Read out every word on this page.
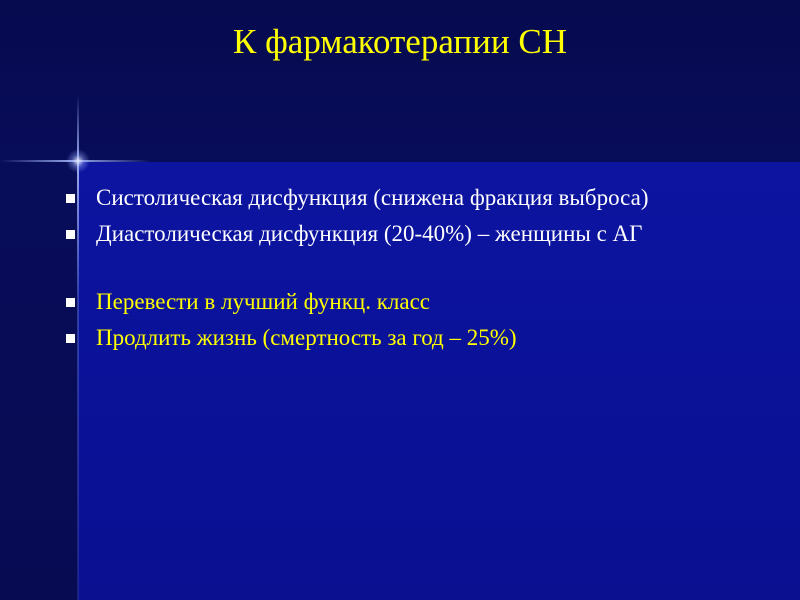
К фармакотерапии СН
Систолическая дисфункция (снижена фракция выброса)
Диастолическая дисфункция (20-40%) – женщины с АГ
Перевести в лучший функц. класс
Продлить жизнь (смертность за год – 25%)
